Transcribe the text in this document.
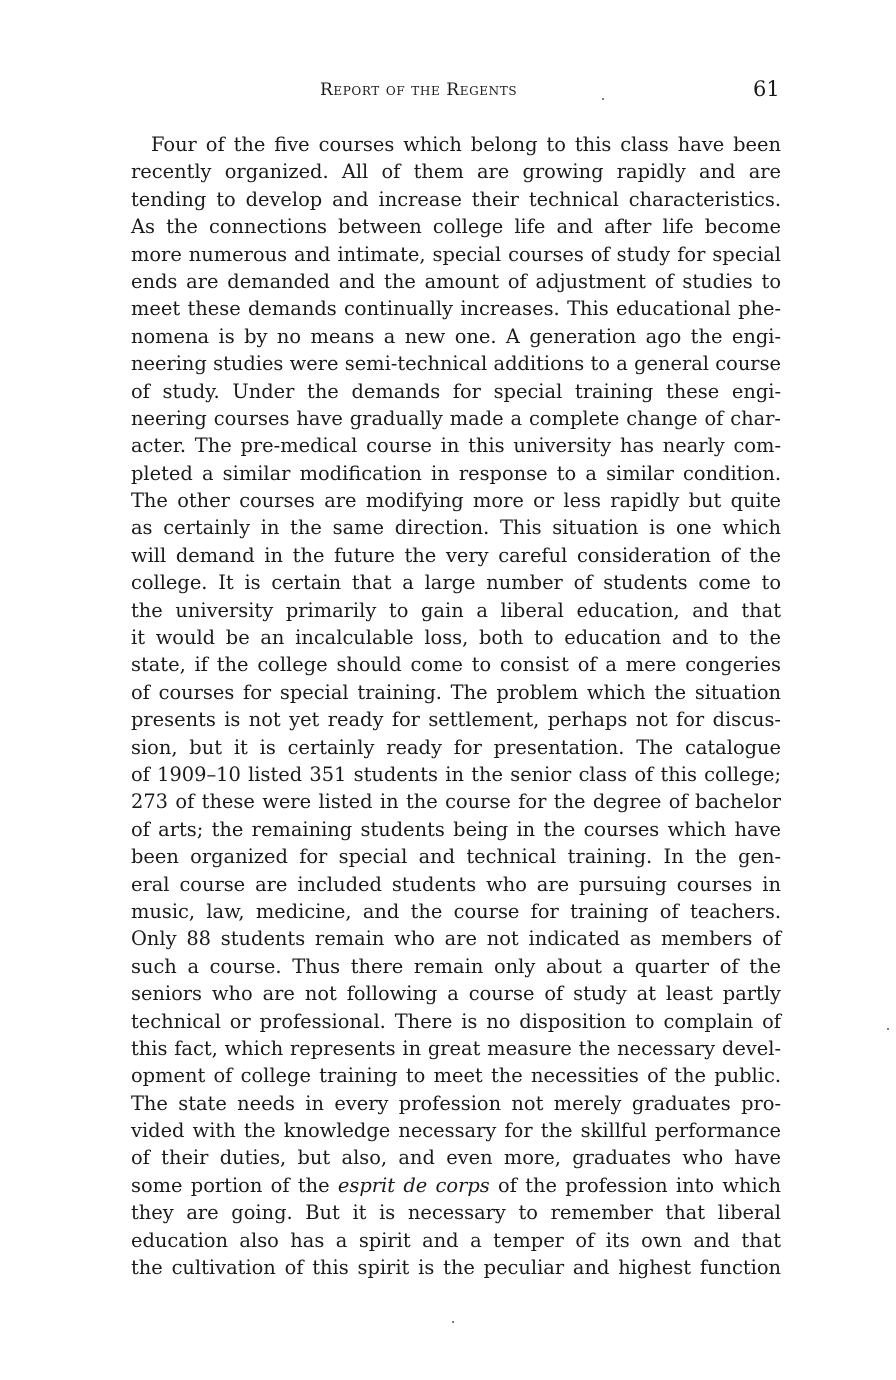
Report of the Regents	61
Four of the five courses which belong to this class have been
recently organized. All of them are growing rapidly and are
tending to develop and increase their technical characteristics.
As the connections between college life and after life become
more numerous and intimate, special courses of study for special
ends are demanded and the amount of adjustment of studies to
meet these demands continually increases. This educational phe-
nomena is by no means a new one. A generation ago the engi-
neering studies were semi-technical additions to a general course
of study. Under the demands for special training these engi-
neering courses have gradually made a complete change of char-
acter. The pre-medical course in this university has nearly com-
pleted a similar modification in response to a similar condition.
The other courses are modifying more or less rapidly but quite
as certainly in the same direction. This situation is one which
will demand in the future the very careful consideration of the
college. It is certain that a large number of students come to
the university primarily to gain a liberal education, and that
it would be an incalculable loss, both to education and to the
state, if the college should come to consist of a mere congeries
of courses for special training. The problem which the situation
presents is not yet ready for settlement, perhaps not for discus-
sion, but it is certainly ready for presentation. The catalogue
of 1909–10 listed 351 students in the senior class of this college;
273 of these were listed in the course for the degree of bachelor
of arts; the remaining students being in the courses which have
been organized for special and technical training. In the gen-
eral course are included students who are pursuing courses in
music, law, medicine, and the course for training of teachers.
Only 88 students remain who are not indicated as members of
such a course. Thus there remain only about a quarter of the
seniors who are not following a course of study at least partly
technical or professional. There is no disposition to complain of
this fact, which represents in great measure the necessary devel-
opment of college training to meet the necessities of the public.
The state needs in every profession not merely graduates pro-
vided with the knowledge necessary for the skillful performance
of their duties, but also, and even more, graduates who have
some portion of the esprit de corps of the profession into which
they are going. But it is necessary to remember that liberal
education also has a spirit and a temper of its own and that
the cultivation of this spirit is the peculiar and highest function
